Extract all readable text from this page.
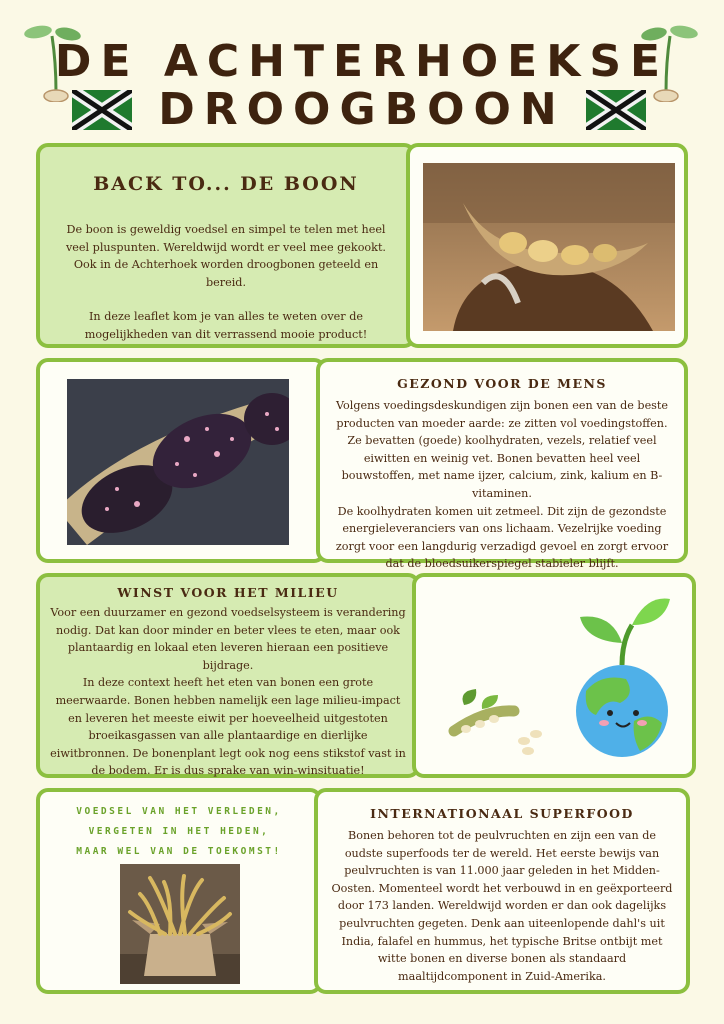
DE ACHTERHOEKSE
DROOGBOON
BACK TO... DE BOON
De boon is geweldig voedsel en simpel te telen met heel veel pluspunten. Wereldwijd wordt er veel mee gekookt. Ook in de Achterhoek worden droogbonen geteeld en bereid.
In deze leaflet kom je van alles te weten over de mogelijkheden van dit verrassend mooie product!
GEZOND VOOR DE MENS
Volgens voedingsdeskundigen zijn bonen een van de beste producten van moeder aarde: ze zitten vol voedingstoffen. Ze bevatten (goede) koolhydraten, vezels, relatief veel eiwitten en weinig vet. Bonen bevatten heel veel bouwstoffen, met name ijzer, calcium, zink, kalium en B-vitaminen.
De koolhydraten komen uit zetmeel. Dit zijn de gezondste energieleveranciers van ons lichaam. Vezelrijke voeding zorgt voor een langdurig verzadigd gevoel en zorgt ervoor dat de bloedsuikerspiegel stabieler blijft.
WINST VOOR HET MILIEU
Voor een duurzamer en gezond voedselsysteem is verandering nodig. Dat kan door minder en beter vlees te eten, maar ook plantaardig en lokaal eten leveren hieraan een positieve bijdrage.
In deze context heeft het eten van bonen een grote meerwaarde. Bonen hebben namelijk een lage milieu-impact en leveren het meeste eiwit per hoeveelheid uitgestoten broeikasgassen van alle plantaardige en dierlijke eiwitbronnen. De bonenplant legt ook nog eens stikstof vast in de bodem. Er is dus sprake van win-winsituatie!
VOEDSEL VAN HET VERLEDEN,
VERGETEN IN HET HEDEN,
MAAR WEL VAN DE TOEKOMST!
INTERNATIONAAL SUPERFOOD
Bonen behoren tot de peulvruchten en zijn een van de oudste superfoods ter de wereld. Het eerste bewijs van peulvruchten is van 11.000 jaar geleden in het Midden-Oosten. Momenteel wordt het verbouwd in en geëxporteerd door 173 landen. Wereldwijd worden er dan ook dagelijks peulvruchten gegeten. Denk aan uiteenlopende dahl's uit India, falafel en hummus, het typische Britse ontbijt met witte bonen en diverse bonen als standaard maaltijdcomponent in Zuid-Amerika.
